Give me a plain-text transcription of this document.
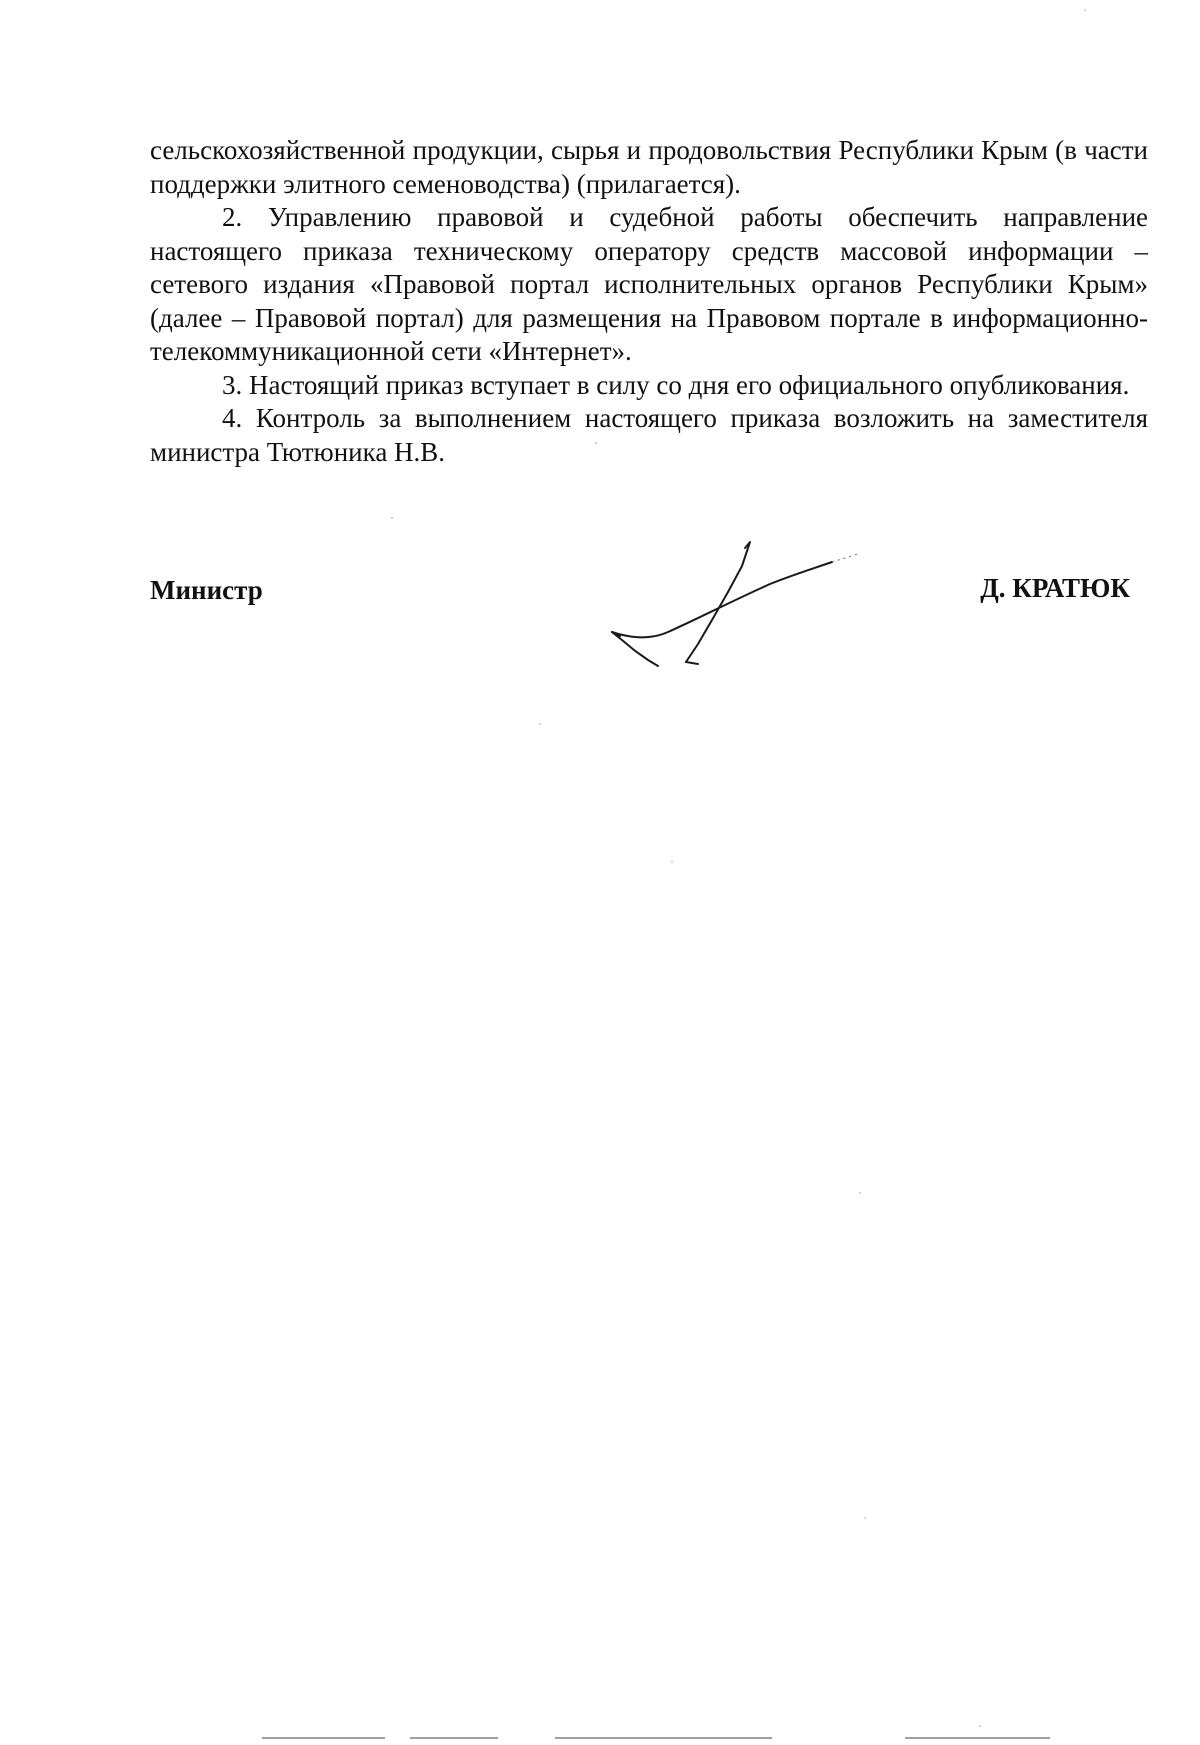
сельскохозяйственной продукции, сырья и продовольствия Республики Крым (в части поддержки элитного семеноводства) (прилагается).

2. Управлению правовой и судебной работы обеспечить направление настоящего приказа техническому оператору средств массовой информации – сетевого издания «Правовой портал исполнительных органов Республики Крым» (далее – Правовой портал) для размещения на Правовом портале в информационно-телекоммуникационной сети «Интернет».

3. Настоящий приказ вступает в силу со дня его официального опубликования.

4. Контроль за выполнением настоящего приказа возложить на заместителя министра Тютюника Н.В.

Министр	Д. КРАТЮК
